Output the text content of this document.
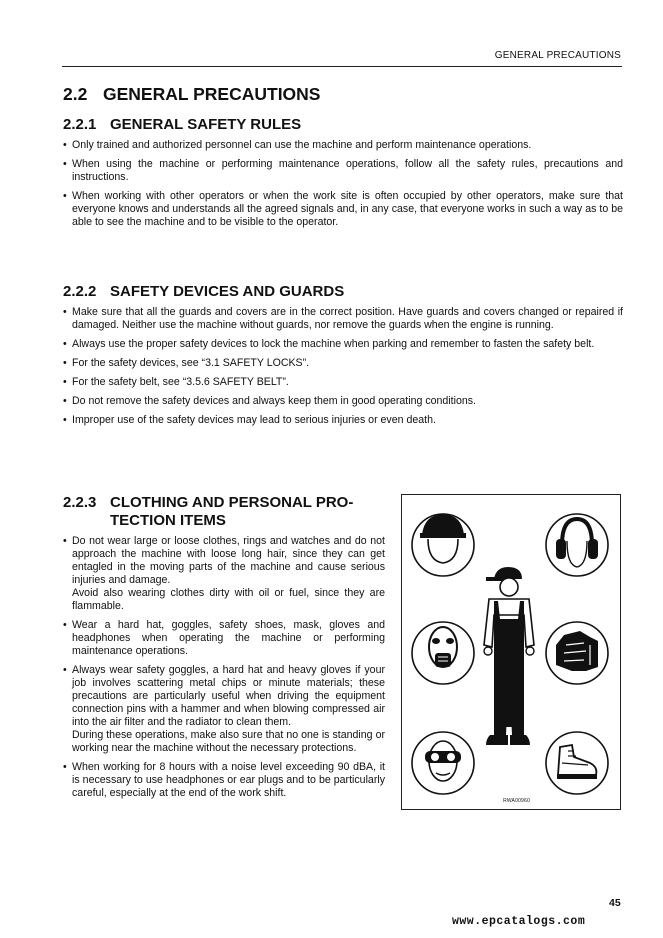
GENERAL PRECAUTIONS
2.2 GENERAL PRECAUTIONS
2.2.1 GENERAL SAFETY RULES
• Only trained and authorized personnel can use the machine and perform maintenance operations.
• When using the machine or performing maintenance operations, follow all the safety rules, precautions and instructions.
• When working with other operators or when the work site is often occupied by other operators, make sure that everyone knows and understands all the agreed signals and, in any case, that everyone works in such a way as to be able to see the machine and to be visible to the operator.
2.2.2 SAFETY DEVICES AND GUARDS
• Make sure that all the guards and covers are in the correct position. Have guards and covers changed or repaired if damaged. Neither use the machine without guards, nor remove the guards when the engine is running.
• Always use the proper safety devices to lock the machine when parking and remember to fasten the safety belt.
• For the safety devices, see “3.1 SAFETY LOCKS”.
• For the safety belt, see “3.5.6 SAFETY BELT”.
• Do not remove the safety devices and always keep them in good operating conditions.
• Improper use of the safety devices may lead to serious injuries or even death.
2.2.3 CLOTHING AND PERSONAL PRO-
TECTION ITEMS
• Do not wear large or loose clothes, rings and watches and do not approach the machine with loose long hair, since they can get entagled in the moving parts of the machine and cause serious injuries and damage.
Avoid also wearing clothes dirty with oil or fuel, since they are flammable.
• Wear a hard hat, goggles, safety shoes, mask, gloves and headphones when operating the machine or performing maintenance operations.
• Always wear safety goggles, a hard hat and heavy gloves if your job involves scattering metal chips or minute materials; these precautions are particularly useful when driving the equipment connection pins with a hammer and when blowing compressed air into the air filter and the radiator to clean them.
During these operations, make also sure that no one is standing or working near the machine without the necessary protections.
• When working for 8 hours with a noise level exceeding 90 dBA, it is necessary to use headphones or ear plugs and to be particularly careful, especially at the end of the work shift.
RWA00960
45
www.epcatalogs.com
